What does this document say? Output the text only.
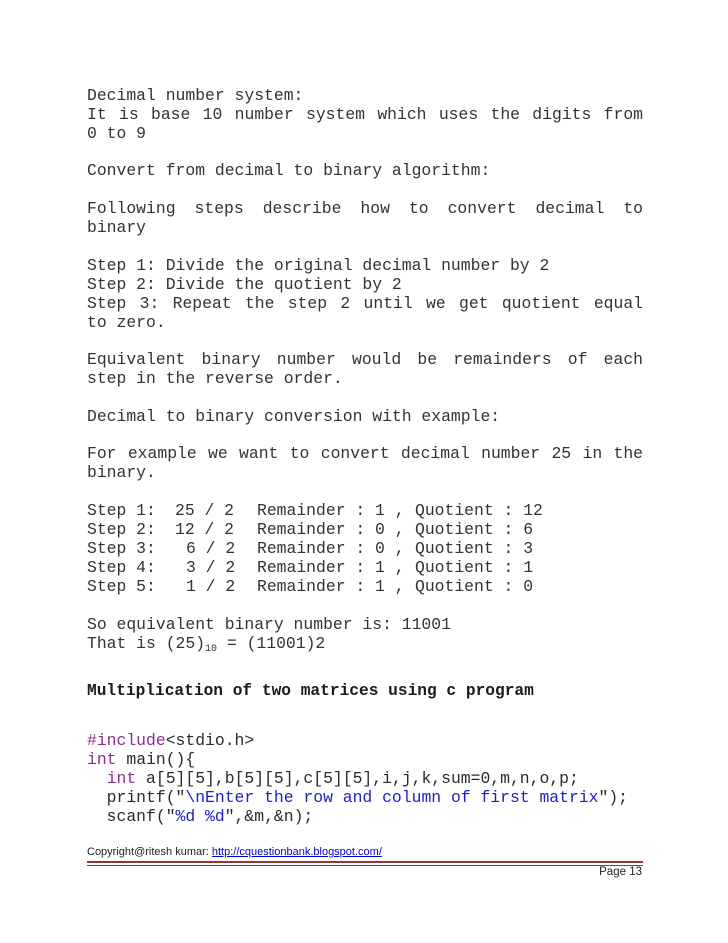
Decimal number system:
It is base 10 number system which uses the digits from
0 to 9
Convert from decimal to binary algorithm:
Following steps describe how to convert decimal to
binary
Step 1: Divide the original decimal number by 2
Step 2: Divide the quotient by 2
Step 3: Repeat the step 2 until we get quotient equal
to zero.
Equivalent binary number would be remainders of each
step in the reverse order.
Decimal to binary conversion with example:
For example we want to convert decimal number 25 in the
binary.
Step 1: 25 / 2 Remainder : 1 , Quotient : 12
Step 2: 12 / 2 Remainder : 0 , Quotient : 6
Step 3: 6 / 2 Remainder : 0 , Quotient : 3
Step 4: 3 / 2 Remainder : 1 , Quotient : 1
Step 5: 1 / 2 Remainder : 1 , Quotient : 0
So equivalent binary number is: 11001
That is $(25)_{10} = (11001)2$
Multiplication of two matrices using c program
#include<stdio.h>
int main(){
int a[5][5],b[5][5],c[5][5],i,j,k,sum=0,m,n,o,p;
printf("\nEnter the row and column of first matrix");
scanf("%d %d",&m,&n);
Copyright@ritesh kumar: http://cquestionbank.blogspot.com/
Page 13
